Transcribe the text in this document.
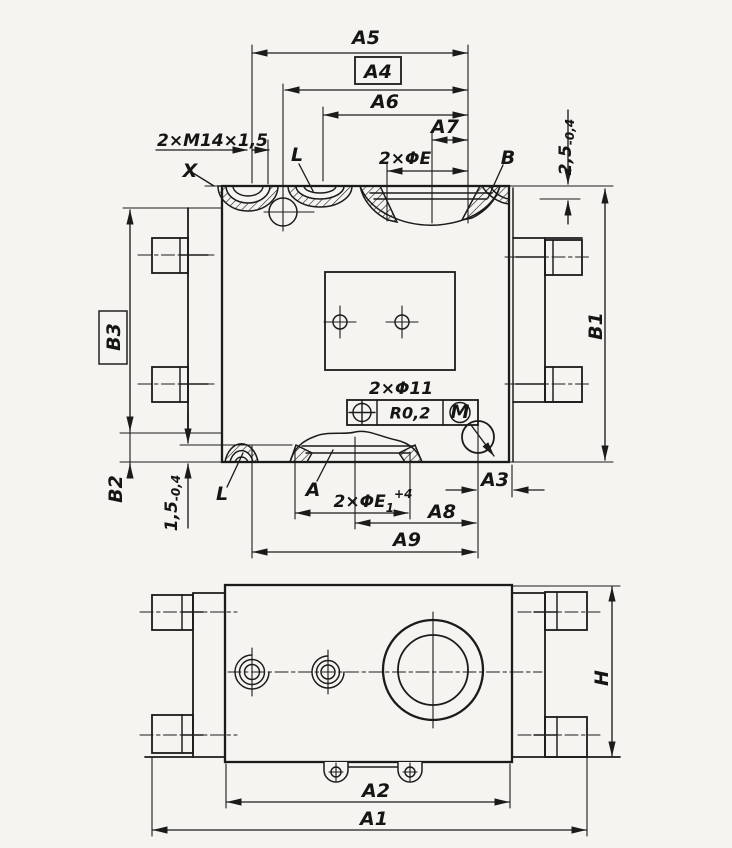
R0,2 M
A5
A4
A6
A7
2×M14×1,5
X
L	2×ΦE	B 2,5-0,4
B1
B3
B2
1,5-0,4 L	A
$2\times\Phi E_1^{+4}$
A8
A9
A3
2×Φ11
A2
A1
H
